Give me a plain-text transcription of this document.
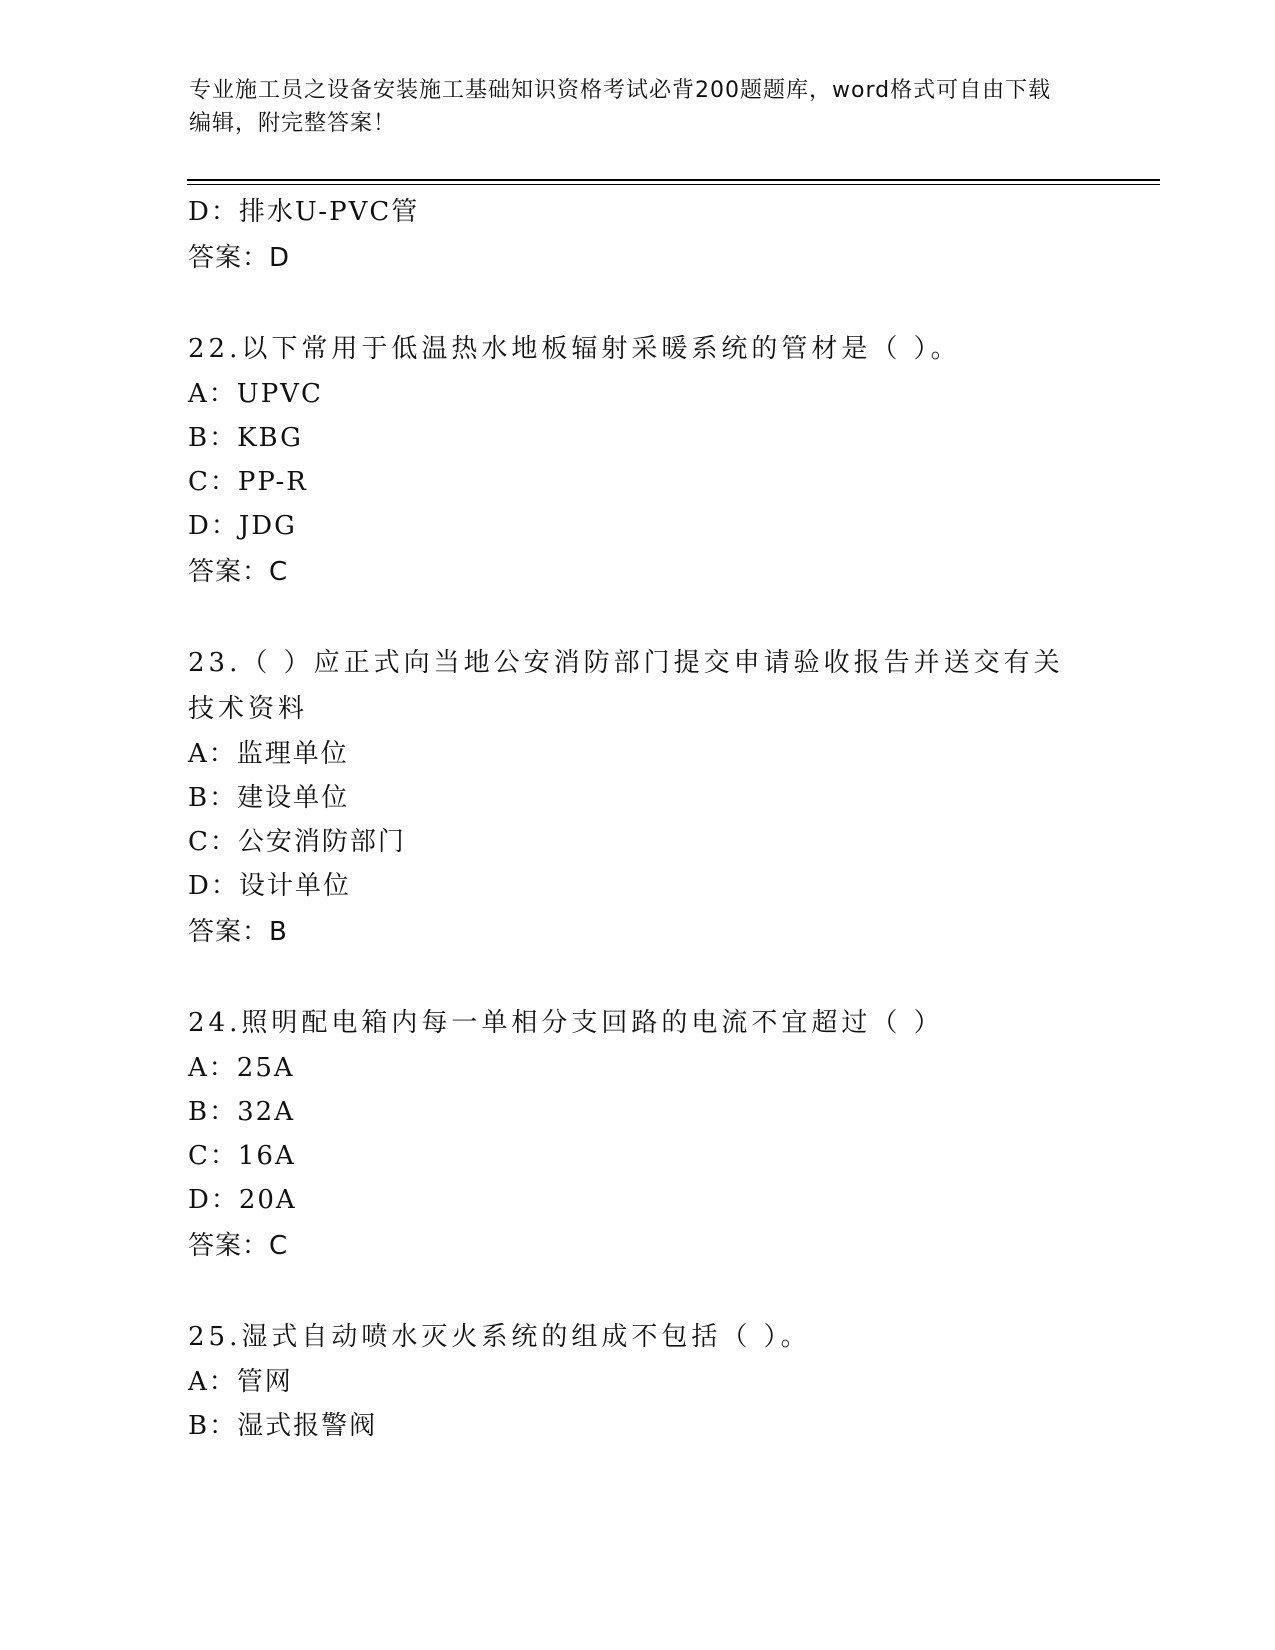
专业施工员之设备安装施工基础知识资格考试必背200题题库，word格式可自由下载编辑，附完整答案！
D：排水U-PVC管
答案：D
22.以下常用于低温热水地板辐射采暖系统的管材是（ ）。
A：UPVC
B：KBG
C：PP-R
D：JDG
答案：C
23.（ ）应正式向当地公安消防部门提交申请验收报告并送交有关技术资料
A：监理单位
B：建设单位
C：公安消防部门
D：设计单位
答案：B
24.照明配电箱内每一单相分支回路的电流不宜超过（ ）
A：25A
B：32A
C：16A
D：20A
答案：C
25.湿式自动喷水灭火系统的组成不包括（ ）。
A：管网
B：湿式报警阀
